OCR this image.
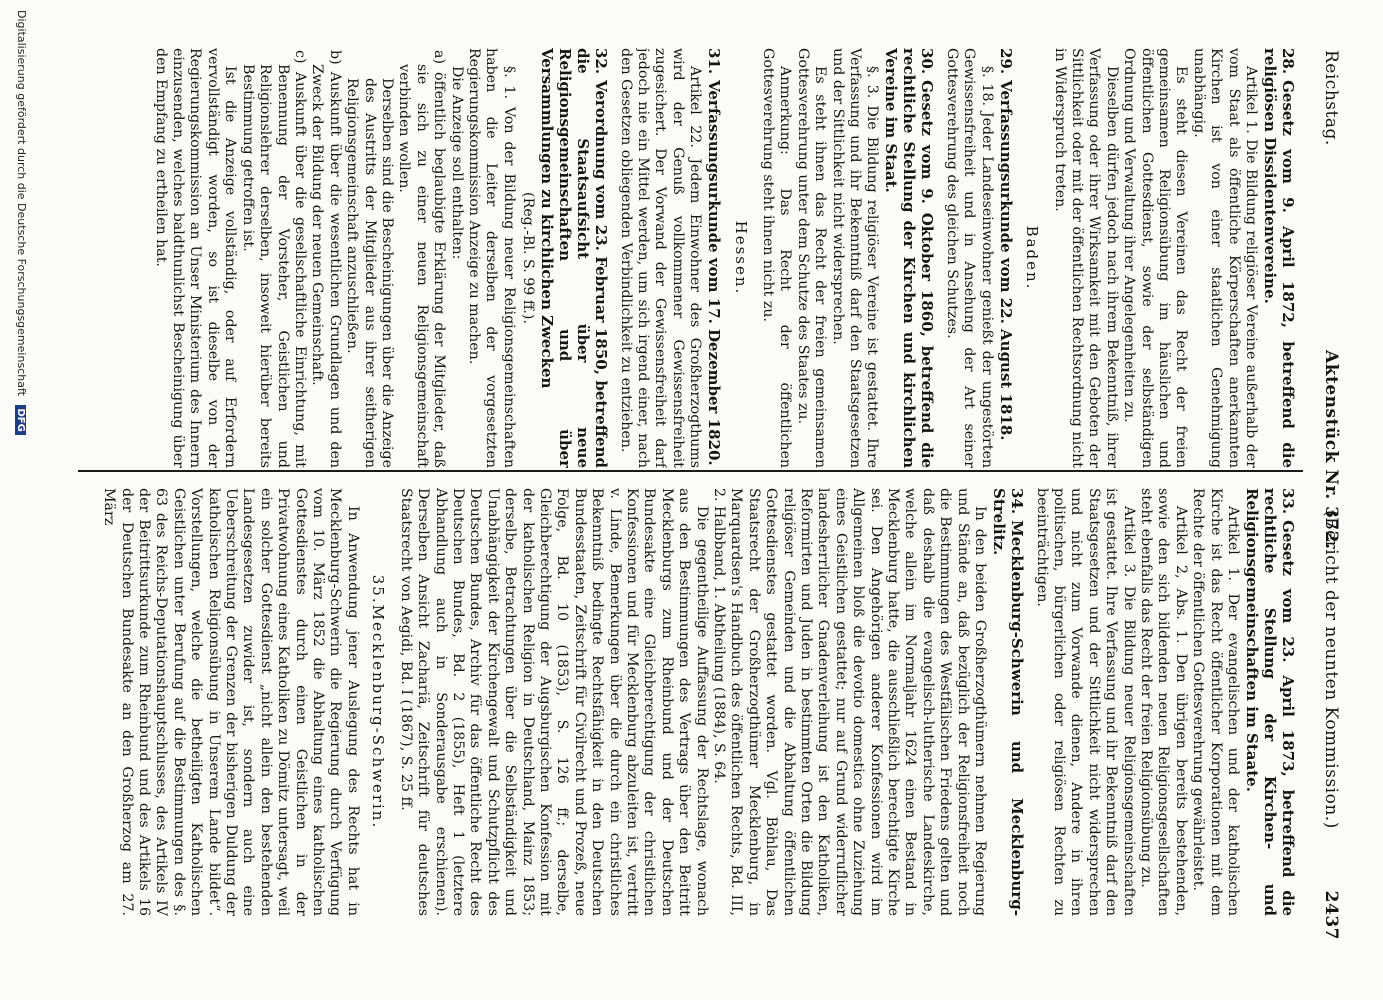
Reichstag.
Aktenstück Nr. 372.
(Bericht der neunten Kommission.)
2437
28.Gesetz vom 9. April 1872, betreffend die religiösen Dissidentenvereine.

Artikel 1. Die Bildung religiöser Vereine außerhalb der vom Staat als öffentliche Körperschaften anerkannten Kirchen ist von einer staatlichen Genehmigung unabhängig.

Es steht diesen Vereinen das Recht der freien gemeinsamen Religionsübung im häuslichen und öffentlichen Gottesdienst, sowie der selbständigen Ordnung und Verwaltung ihrer Angelegenheiten zu.

Dieselben dürfen jedoch nach ihrem Bekenntniß, ihrer Verfassung oder ihrer Wirksamkeit mit den Geboten der Sittlichkeit oder mit der öffentlichen Rechtsordnung nicht in Widerspruch treten.

Baden.
29.Verfassungsurkunde vom 22. August 1818.

§. 18. Jeder Landeseinwohner genießt der ungestörten Gewissensfreiheit und in Ansehung der Art seiner Gottesverehrung des gleichen Schutzes.

30.Gesetz vom 9. Oktober 1860, betreffend die rechtliche Stellung der Kirchen und kirchlichen Vereine im Staat.

§. 3. Die Bildung religiöser Vereine ist gestattet. Ihre Verfassung und ihr Bekenntniß darf den Staatsgesetzen und der Sittlichkeit nicht widersprechen.

Es steht ihnen das Recht der freien gemeinsamen Gottesverehrung unter dem Schutze des Staates zu.

Anmerkung: Das Recht der öffentlichen Gottesverehrung steht ihnen nicht zu.

Hessen.
31.Verfassungsurkunde vom 17. Dezember 1820.

Artikel 22. Jedem Einwohner des Großherzogthums wird der Genuß vollkommener Gewissensfreiheit zugesichert. Der Vorwand der Gewissensfreiheit darf jedoch nie ein Mittel werden, um sich irgend einer, nach den Gesetzen obliegenden Verbindlichkeit zu entziehen.

32.Verordnung vom 23. Februar 1850, betreffend die Staatsaufsicht über neue Religionsgemeinschaften und über Versammlungen zu kirchlichen Zwecken
(Reg.-Bl. S. 99 ff.).

§. 1. Von der Bildung neuer Religionsgemeinschaften haben die Leiter derselben der vorgesetzten Regierungskommission Anzeige zu machen.

Die Anzeige soll enthalten:

a) öffentlich beglaubigte Erklärung der Mitglieder, daß sie sich zu einer neuen Religionsgemeinschaft verbinden wollen.

Derselben sind die Bescheinigungen über die Anzeige des Austritts der Mitglieder aus ihrer seitherigen Religionsgemeinschaft anzuschließen.

b) Auskunft über die wesentlichen Grundlagen und den Zweck der Bildung der neuen Gemeinschaft.

c) Auskunft über die gesellschaftliche Einrichtung, mit Benennung der Vorsteher, Geistlichen und Religionslehrer derselben, insoweit hierüber bereits Bestimmung getroffen ist.

Ist die Anzeige vollständig, oder auf Erfordern vervollständigt worden, so ist dieselbe von der Regierungskommission an Unser Ministerium des Innern einzusenden, welches baldthunlichst Bescheinigung über den Empfang zu ertheilen hat.

33.Gesetz vom 23. April 1873, betreffend die rechtliche Stellung der Kirchen- und Religionsgemeinschaften im Staate.

Artikel 1. Der evangelischen und der katholischen Kirche ist das Recht öffentlicher Korporationen mit dem Rechte der öffentlichen Gottesverehrung gewährleistet.

Artikel 2, Abs. 1. Den übrigen bereits bestehenden, sowie den sich bildenden neuen Religionsgesellschaften steht ebenfalls das Recht der freien Religionsübung zu.

Artikel 3. Die Bildung neuer Religionsgemeinschaften ist gestattet. Ihre Verfassung und ihr Bekenntniß darf den Staatsgesetzen und der Sittlichkeit nicht widersprechen und nicht zum Vorwande dienen, Andere in ihren politischen, bürgerlichen oder religiösen Rechten zu beeinträchtigen.

34.Mecklenburg-Schwerin und Mecklenburg-Strelitz.

In den beiden Großherzogthümern nehmen Regierung und Stände an, daß bezüglich der Religionsfreiheit noch die Bestimmungen des Westfälischen Friedens gelten und daß deshalb die evangelisch-lutherische Landeskirche, welche allein im Normaljahr 1624 einen Bestand in Mecklenburg hatte, die ausschließlich berechtigte Kirche sei. Den Angehörigen anderer Konfessionen wird im Allgemeinen bloß die devotio domestica ohne Zuziehung eines Geistlichen gestattet; nur auf Grund widerruflicher landesherrlicher Gnadenverleihung ist den Katholiken, Reformirten und Juden in bestimmten Orten die Bildung religiöser Gemeinden und die Abhaltung öffentlichen Gottesdienstes gestattet worden. Vgl. Böhlau, Das Staatsrecht der Großherzogthümer Mecklenburg, in Marquardsen's Handbuch des öffentlichen Rechts, Bd. III, 2. Halbband, 1. Abtheilung (1884), S. 64.

Die gegentheilige Auffassung der Rechtslage, wonach aus den Bestimmungen des Vertrags über den Beitritt Mecklenburgs zum Rheinbund und der Deutschen Bundesakte eine Gleichberechtigung der christlichen Konfessionen und für Mecklenburg abzuleiten ist, vertritt v. Linde, Bemerkungen über die durch ein christliches Bekenntniß bedingte Rechtsfähigkeit in den Deutschen Bundesstaaten, Zeitschrift für Civilrecht und Prozeß, neue Folge, Bd. 10 (1853), S. 126 ff.; derselbe, Gleichberechtigung der Augsburgischen Konfession mit der katholischen Religion in Deutschland, Mainz 1853; derselbe, Betrachtungen über die Selbständigkeit und Unabhängigkeit der Kirchengewalt und Schutzpflicht des Deutschen Bundes, Archiv für das öffentliche Recht des Deutschen Bundes, Bd. 2 (1855), Heft 1 (letztere Abhandlung auch in Sonderausgabe erschienen). Derselben Ansicht Zachariä, Zeitschrift für deutsches Staatsrecht von Aegidi, Bd. I (1867), S. 25 ff.

35.Mecklenburg-Schwerin.

In Anwendung jener Auslegung des Rechts hat in Mecklenburg-Schwerin die Regierung durch Verfügung vom 10. März 1852 die Abhaltung eines katholischen Gottesdienstes durch einen Geistlichen in der Privatwohnung eines Katholiken zu Dömitz untersagt, weil ein solcher Gottesdienst „nicht allein den bestehenden Landesgesetzen zuwider ist, sondern auch eine Ueberschreitung der Grenzen der bisherigen Duldung der katholischen Religionsübung in Unserem Lande bildet“. Vorstellungen, welche die betheiligten Katholischen Geistlichen unter Berufung auf die Bestimmungen des §. 63 des Reichs-Deputationshauptschlusses, des Artikels IV der Beitrittsurkunde zum Rheinbund und des Artikels 16 der Deutschen Bundesakte an den Großherzog am 27. März

Digitalisierung gefördert durch die Deutsche Forschungsgemeinschaft DFG
